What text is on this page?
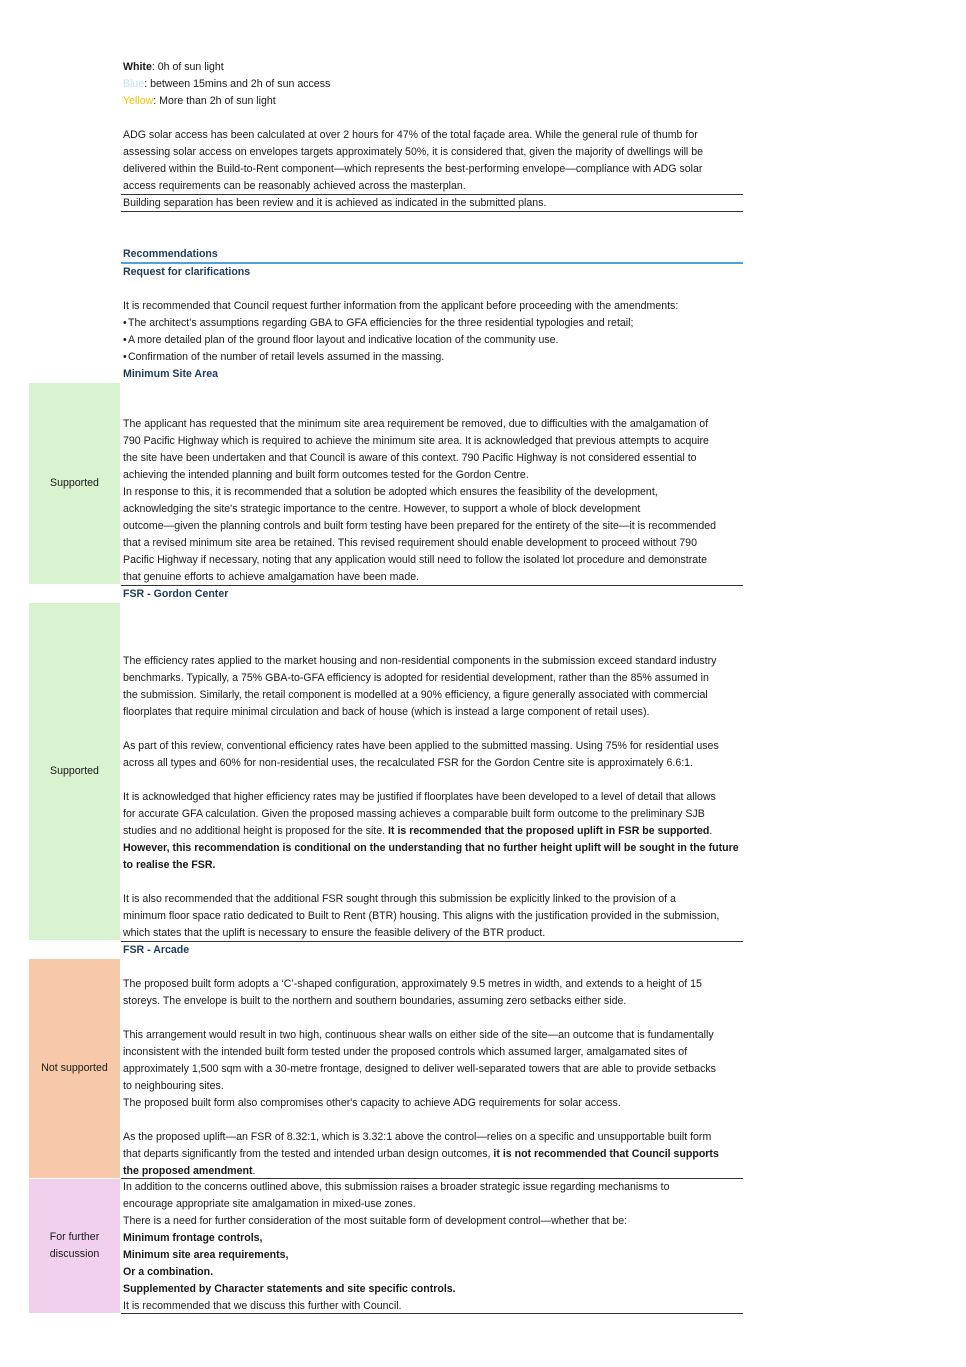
White: 0h of sun light
Blue: between 15mins and 2h of sun access
Yellow: More than 2h of sun light

ADG solar access has been calculated at over 2 hours for 47% of the total façade area. While the general rule of thumb for

assessing solar access on envelopes targets approximately 50%, it is considered that, given the majority of dwellings will be

delivered within the Build-to-Rent component—which represents the best-performing envelope—compliance with ADG solar

access requirements can be reasonably achieved across the masterplan.

Building separation has been review and it is achieved as indicated in the submitted plans.
Recommendations
Request for clarifications

It is recommended that Council request further information from the applicant before proceeding with the amendments:

• The architect’s assumptions regarding GBA to GFA efficiencies for the three residential typologies and retail;

• A more detailed plan of the ground floor layout and indicative location of the community use.

• Confirmation of the number of retail levels assumed in the massing.

Minimum Site Area
Supported

The applicant has requested that the minimum site area requirement be removed, due to difficulties with the amalgamation of

790 Pacific Highway which is required to achieve the minimum site area. It is acknowledged that previous attempts to acquire

the site have been undertaken and that Council is aware of this context. 790 Pacific Highway is not considered essential to

achieving the intended planning and built form outcomes tested for the Gordon Centre.

In response to this, it is recommended that a solution be adopted which ensures the feasibility of the development,

acknowledging the site's strategic importance to the centre. However, to support a whole of block development

outcome—given the planning controls and built form testing have been prepared for the entirety of the site—it is recommended

that a revised minimum site area be retained. This revised requirement should enable development to proceed without 790

Pacific Highway if necessary, noting that any application would still need to follow the isolated lot procedure and demonstrate

that genuine efforts to achieve amalgamation have been made.

FSR - Gordon Center
Supported

The efficiency rates applied to the market housing and non-residential components in the submission exceed standard industry

benchmarks. Typically, a 75% GBA-to-GFA efficiency is adopted for residential development, rather than the 85% assumed in

the submission. Similarly, the retail component is modelled at a 90% efficiency, a figure generally associated with commercial

floorplates that require minimal circulation and back of house (which is instead a large component of retail uses).

As part of this review, conventional efficiency rates have been applied to the submitted massing. Using 75% for residential uses

across all types and 60% for non-residential uses, the recalculated FSR for the Gordon Centre site is approximately 6.6:1.

It is acknowledged that higher efficiency rates may be justified if floorplates have been developed to a level of detail that allows

for accurate GFA calculation. Given the proposed massing achieves a comparable built form outcome to the preliminary SJB

studies and no additional height is proposed for the site. It is recommended that the proposed uplift in FSR be supported.

However, this recommendation is conditional on the understanding that no further height uplift will be sought in the future

to realise the FSR.

It is also recommended that the additional FSR sought through this submission be explicitly linked to the provision of a

minimum floor space ratio dedicated to Built to Rent (BTR) housing. This aligns with the justification provided in the submission,

which states that the uplift is necessary to ensure the feasible delivery of the BTR product.

FSR - Arcade
Not supported

The proposed built form adopts a ‘C’-shaped configuration, approximately 9.5 metres in width, and extends to a height of 15

storeys. The envelope is built to the northern and southern boundaries, assuming zero setbacks either side.

This arrangement would result in two high, continuous shear walls on either side of the site—an outcome that is fundamentally

inconsistent with the intended built form tested under the proposed controls which assumed larger, amalgamated sites of

approximately 1,500 sqm with a 30-metre frontage, designed to deliver well-separated towers that are able to provide setbacks

to neighbouring sites.

The proposed built form also compromises other's capacity to achieve ADG requirements for solar access.

As the proposed uplift—an FSR of 8.32:1, which is 3.32:1 above the control—relies on a specific and unsupportable built form

that departs significantly from the tested and intended urban design outcomes, it is not recommended that Council supports

the proposed amendment.

For further
discussion

In addition to the concerns outlined above, this submission raises a broader strategic issue regarding mechanisms to

encourage appropriate site amalgamation in mixed-use zones.

There is a need for further consideration of the most suitable form of development control—whether that be:

Minimum frontage controls,

Minimum site area requirements,

Or a combination.

Supplemented by Character statements and site specific controls.

It is recommended that we discuss this further with Council.
